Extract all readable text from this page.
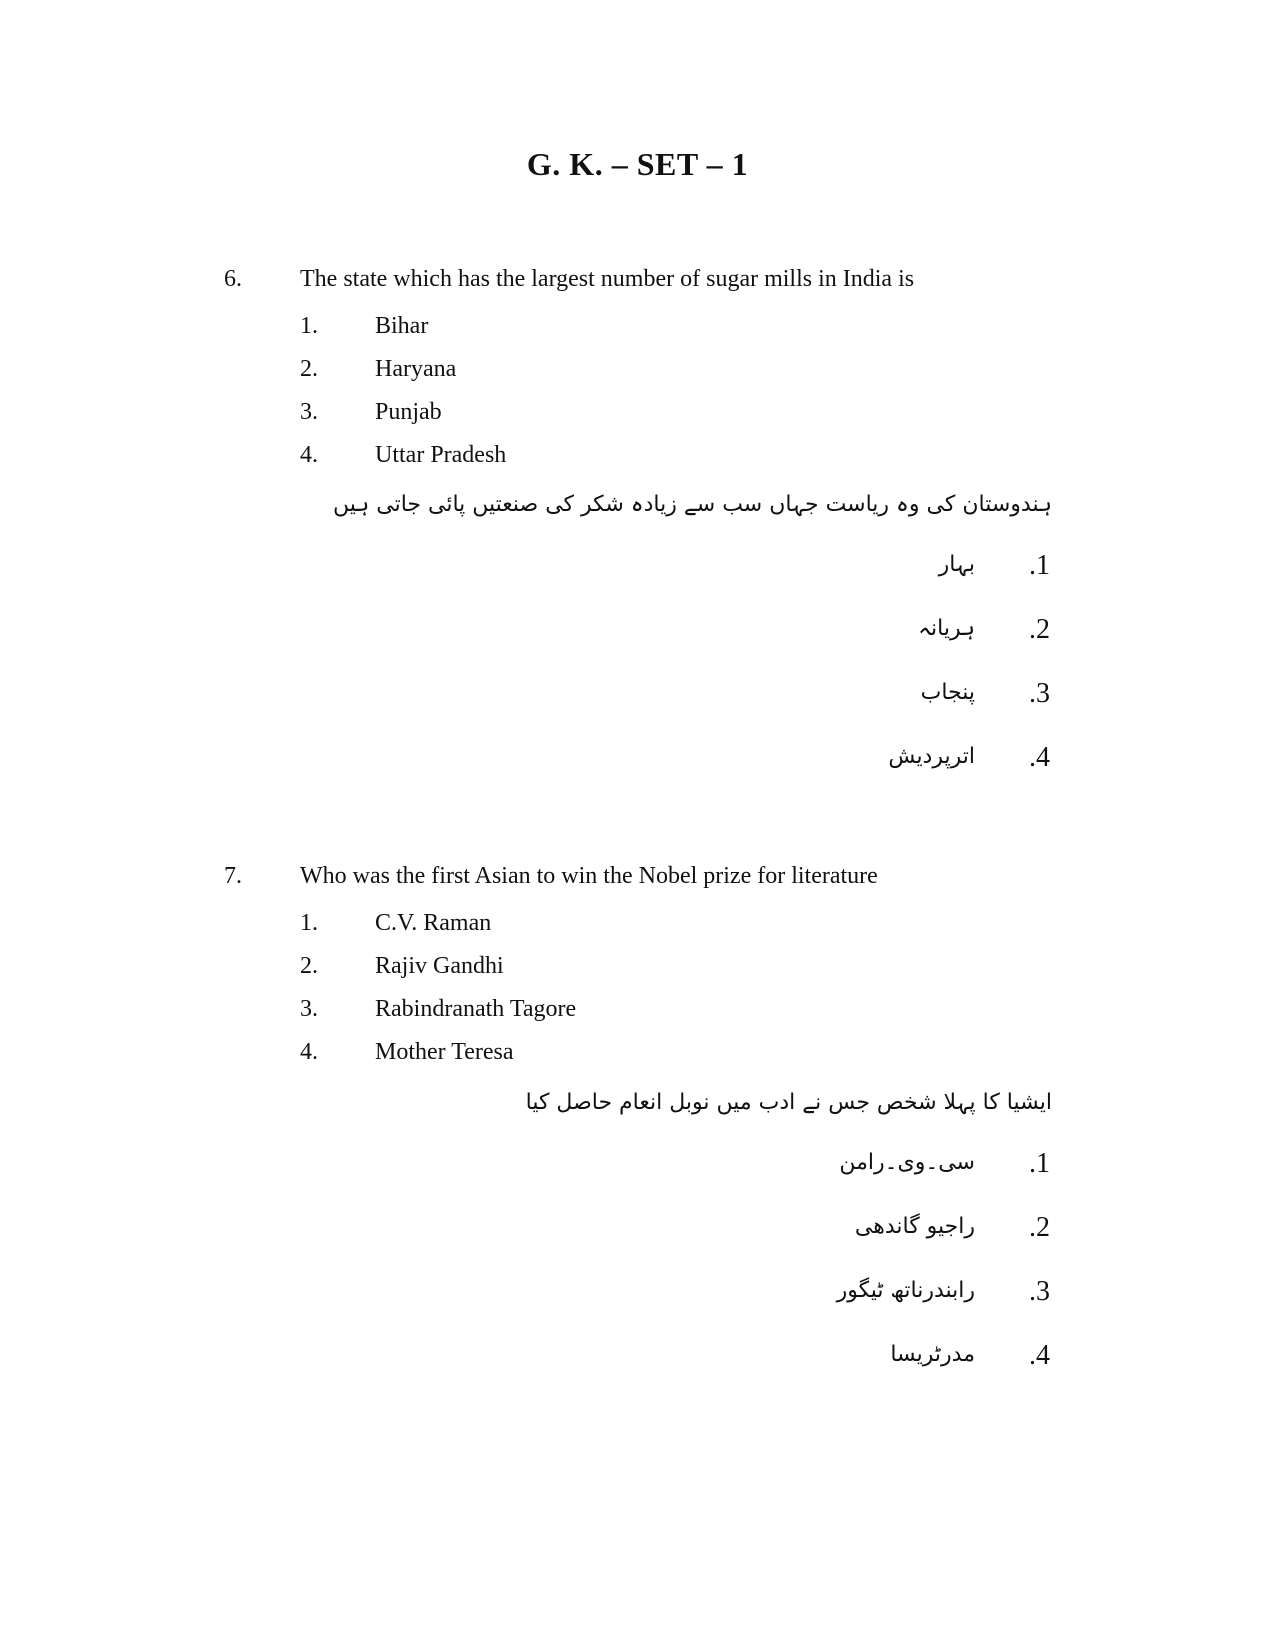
G. K. – SET – 1
6. The state which has the largest number of sugar mills in India is
1. Bihar
2. Haryana
3. Punjab
4. Uttar Pradesh
ہندوستان کی وہ ریاست جہاں سب سے زیادہ شکر کی صنعتیں پائی جاتی ہیں
.1
بہار
.2
ہریانہ
.3
پنجاب
.4
اترپردیش
7. Who was the first Asian to win the Nobel prize for literature
1. C.V. Raman
2. Rajiv Gandhi
3. Rabindranath Tagore
4. Mother Teresa
ایشیا کا پہلا شخص جس نے ادب میں نوبل انعام حاصل کیا
.1
سی۔وی۔رامن
.2
راجیو گاندھی
.3
رابندرناتھ ٹیگور
.4
مدرٹریسا
